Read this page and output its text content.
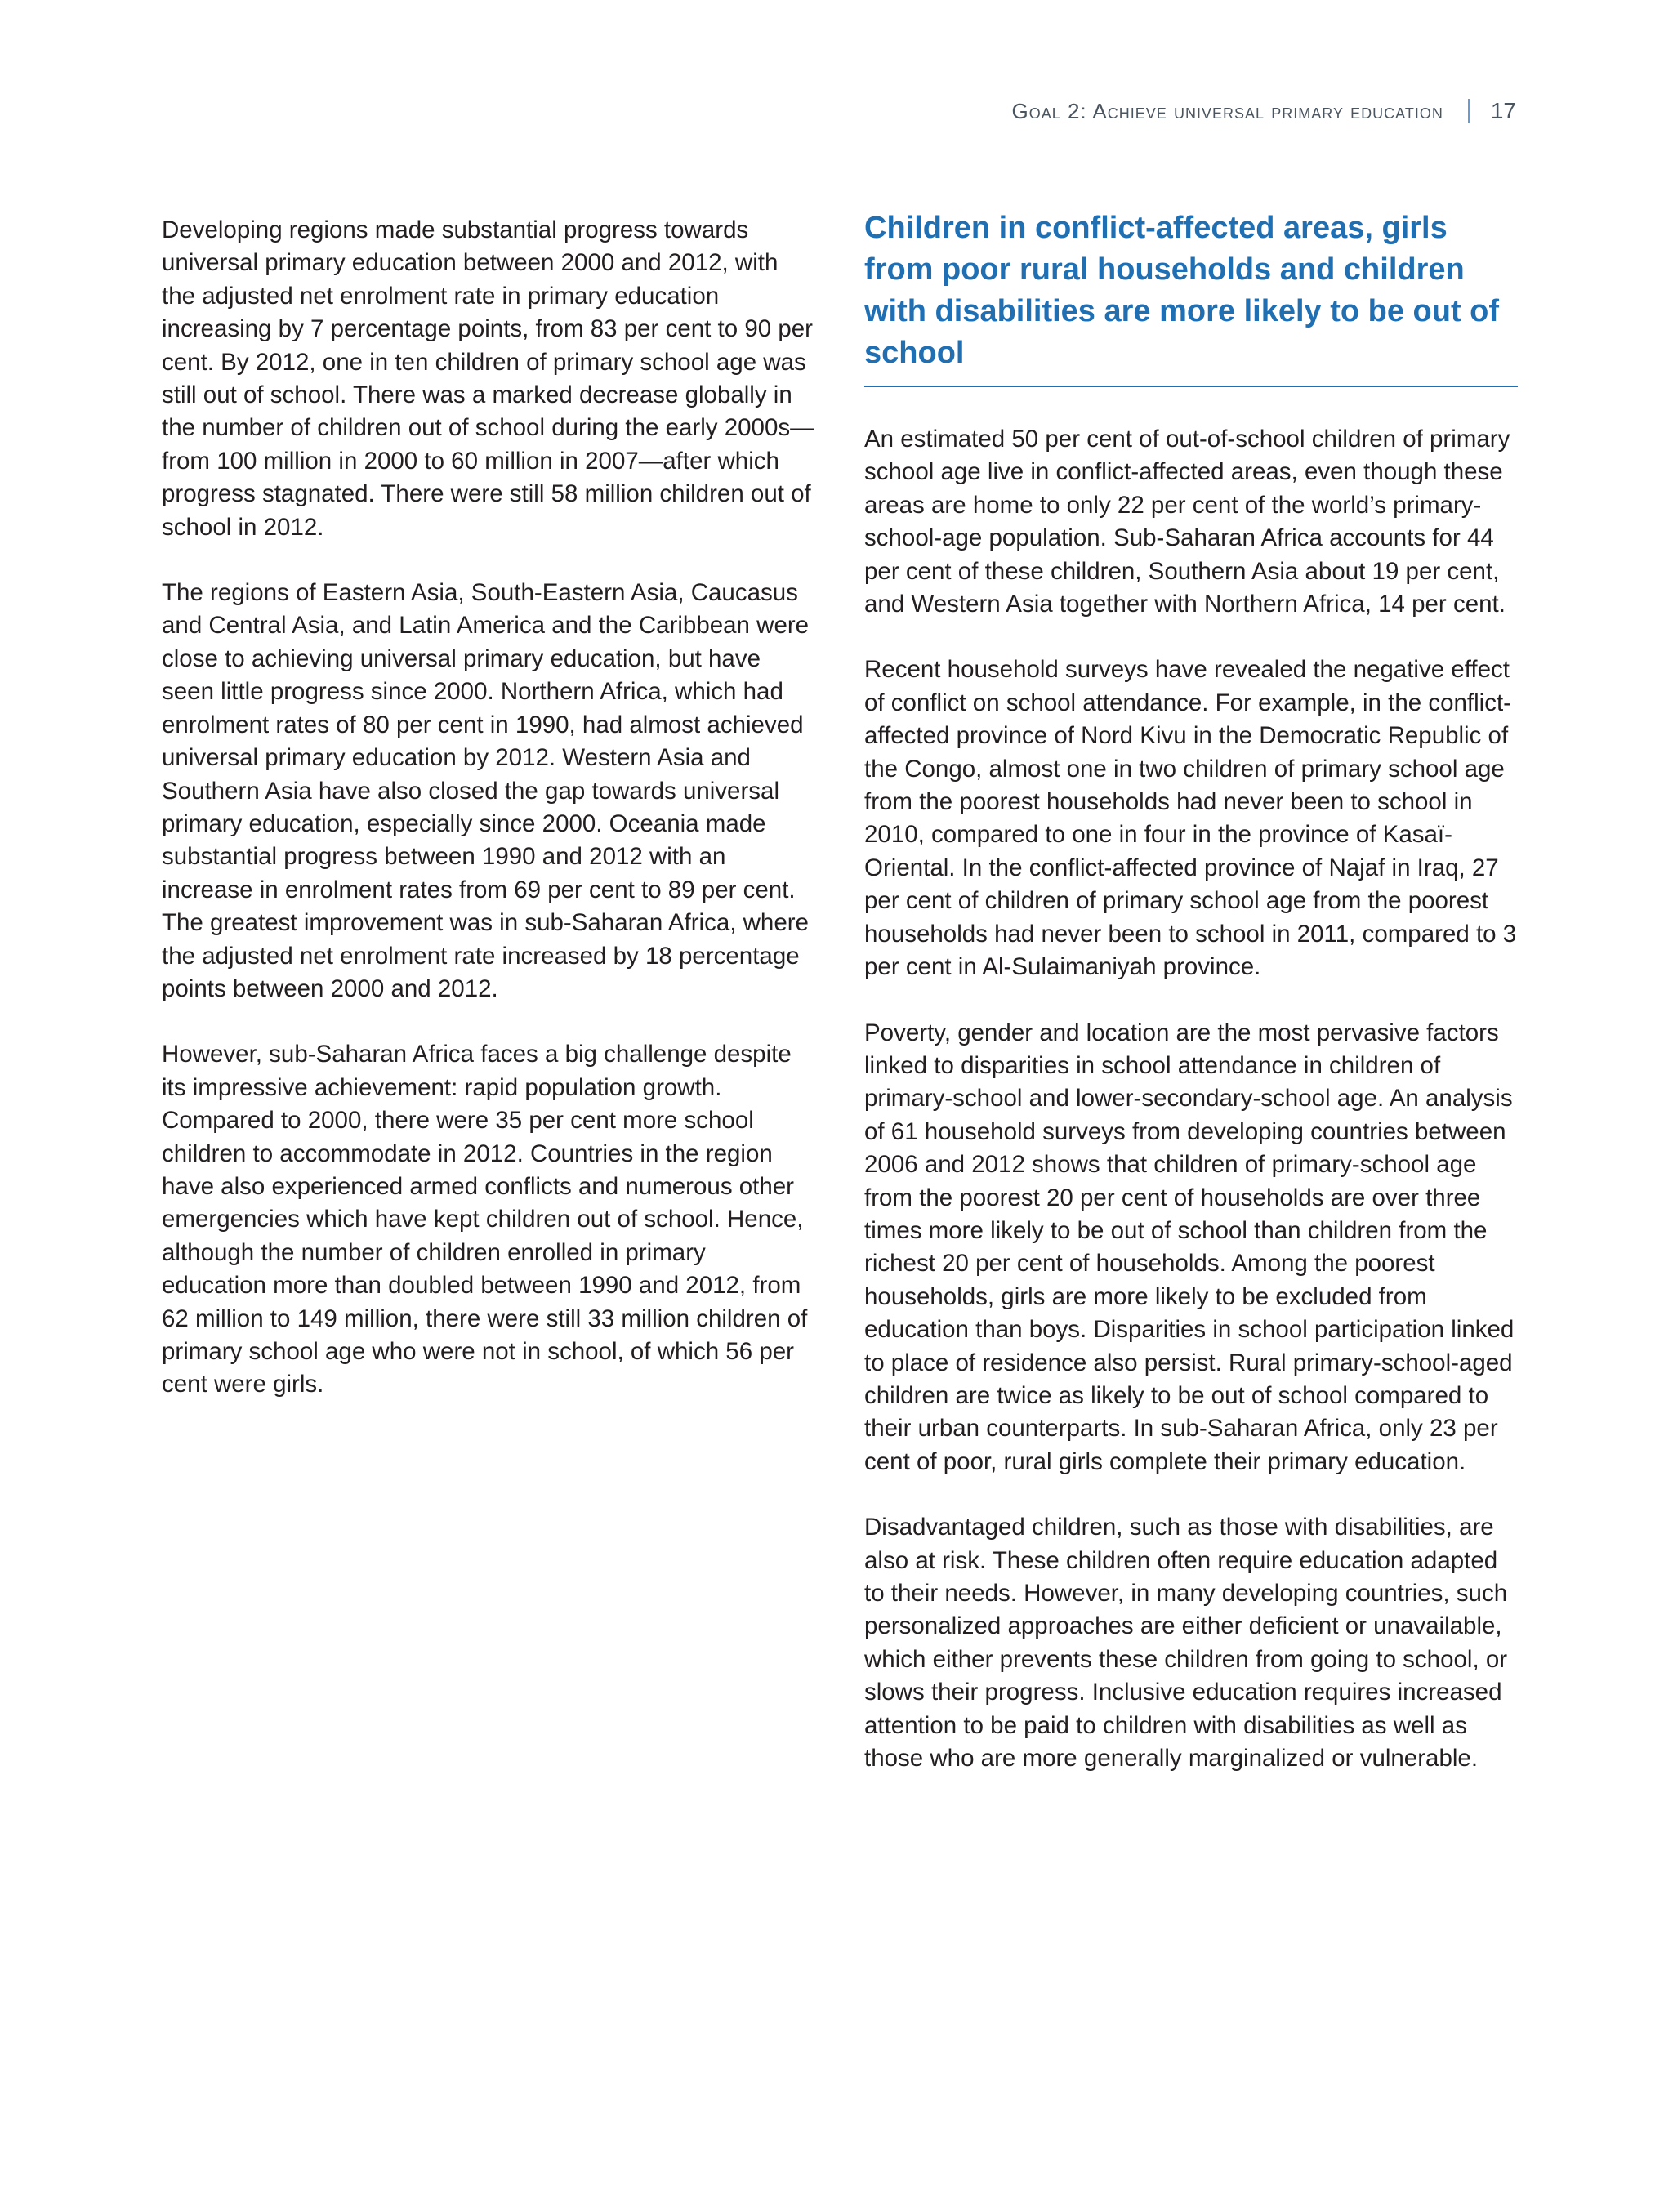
Goal 2: Achieve universal primary education 17

Developing regions made substantial progress towards universal primary education between 2000 and 2012, with the adjusted net enrolment rate in primary education increasing by 7 percentage points, from 83 per cent to 90 per cent. By 2012, one in ten children of primary school age was still out of school. There was a marked decrease globally in the number of children out of school during the early 2000s—from 100 million in 2000 to 60 million in 2007—after which progress stagnated. There were still 58 million children out of school in 2012.

The regions of Eastern Asia, South-Eastern Asia, Caucasus and Central Asia, and Latin America and the Caribbean were close to achieving universal primary education, but have seen little progress since 2000. Northern Africa, which had enrolment rates of 80 per cent in 1990, had almost achieved universal primary education by 2012. Western Asia and Southern Asia have also closed the gap towards universal primary education, especially since 2000. Oceania made substantial progress between 1990 and 2012 with an increase in enrolment rates from 69 per cent to 89 per cent. The greatest improvement was in sub-Saharan Africa, where the adjusted net enrolment rate increased by 18 percentage points between 2000 and 2012.

However, sub-Saharan Africa faces a big challenge despite its impressive achievement: rapid population growth. Compared to 2000, there were 35 per cent more school children to accommodate in 2012. Countries in the region have also experienced armed conflicts and numerous other emergencies which have kept children out of school. Hence, although the number of children enrolled in primary education more than doubled between 1990 and 2012, from 62 million to 149 million, there were still 33 million children of primary school age who were not in school, of which 56 per cent were girls.

Children in conflict-affected areas, girls from poor rural households and children with disabilities are more likely to be out of school

An estimated 50 per cent of out-of-school children of primary school age live in conflict-affected areas, even though these areas are home to only 22 per cent of the world’s primary-school-age population. Sub-Saharan Africa accounts for 44 per cent of these children, Southern Asia about 19 per cent, and Western Asia together with Northern Africa, 14 per cent.

Recent household surveys have revealed the negative effect of conflict on school attendance. For example, in the conflict-affected province of Nord Kivu in the Democratic Republic of the Congo, almost one in two children of primary school age from the poorest households had never been to school in 2010, compared to one in four in the province of Kasaï-Oriental. In the conflict-affected province of Najaf in Iraq, 27 per cent of children of primary school age from the poorest households had never been to school in 2011, compared to 3 per cent in Al-Sulaimaniyah province.

Poverty, gender and location are the most pervasive factors linked to disparities in school attendance in children of primary-school and lower-secondary-school age. An analysis of 61 household surveys from developing countries between 2006 and 2012 shows that children of primary-school age from the poorest 20 per cent of households are over three times more likely to be out of school than children from the richest 20 per cent of households. Among the poorest households, girls are more likely to be excluded from education than boys. Disparities in school participation linked to place of residence also persist. Rural primary-school-aged children are twice as likely to be out of school compared to their urban counterparts. In sub-Saharan Africa, only 23 per cent of poor, rural girls complete their primary education.

Disadvantaged children, such as those with disabilities, are also at risk. These children often require education adapted to their needs. However, in many developing countries, such personalized approaches are either deficient or unavailable, which either prevents these children from going to school, or slows their progress. Inclusive education requires increased attention to be paid to children with disabilities as well as those who are more generally marginalized or vulnerable.
